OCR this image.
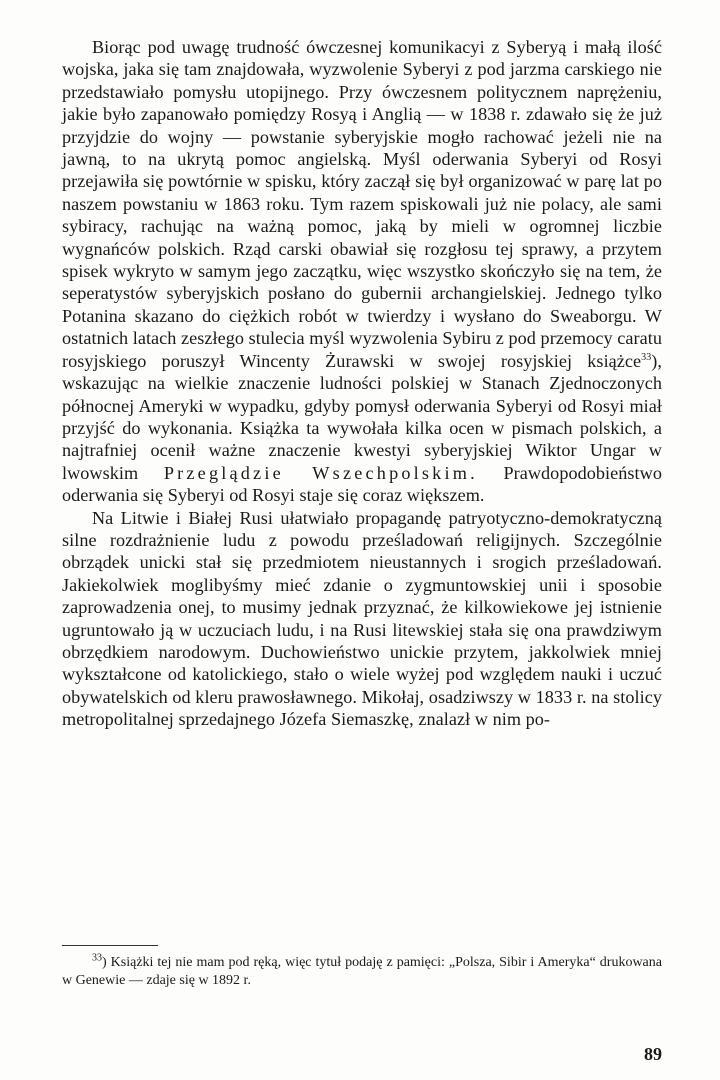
Biorąc pod uwagę trudność ówczesnej komunikacyi z Syberyą i małą ilość wojska, jaka się tam znajdowała, wyzwolenie Syberyi z pod jarzma carskiego nie przedstawiało pomysłu utopijnego. Przy ówczesnem politycznem naprężeniu, jakie było zapanowało pomiędzy Rosyą i Anglią — w 1838 r. zdawało się że już przyjdzie do wojny — powstanie syberyjskie mogło rachować jeżeli nie na jawną, to na ukrytą pomoc angielską. Myśl oderwania Syberyi od Rosyi przejawiła się powtórnie w spisku, który zaczął się był organizować w parę lat po naszem powstaniu w 1863 roku. Tym razem spiskowali już nie polacy, ale sami sybiracy, rachując na ważną pomoc, jaką by mieli w ogromnej liczbie wygnańców polskich. Rząd carski obawiał się rozgłosu tej sprawy, a przytem spisek wykryto w samym jego zaczątku, więc wszystko skończyło się na tem, że seperatystów syberyjskich posłano do gubernii archangielskiej. Jednego tylko Potanina skazano do ciężkich robót w twierdzy i wysłano do Sweaborgu. W ostatnich latach zeszłego stulecia myśl wyzwolenia Sybiru z pod przemocy caratu rosyjskiego poruszył Wincenty Żurawski w swojej rosyjskiej książce$^{33}$), wskazując na wielkie znaczenie ludności polskiej w Stanach Zjednoczonych północnej Ameryki w wypadku, gdyby pomysł oderwania Syberyi od Rosyi miał przyjść do wykonania. Książka ta wywołała kilka ocen w pismach polskich, a najtrafniej ocenił ważne znaczenie kwestyi syberyjskiej Wiktor Ungar w lwowskim Przeglądzie Wszechpolskim. Prawdopodobieństwo oderwania się Syberyi od Rosyi staje się coraz większem.

Na Litwie i Białej Rusi ułatwiało propagandę patryotyczno-demokratyczną silne rozdrażnienie ludu z powodu prześladowań religijnych. Szczególnie obrządek unicki stał się przedmiotem nieustannych i srogich prześladowań. Jakiekolwiek moglibyśmy mieć zdanie o zygmuntowskiej unii i sposobie zaprowadzenia onej, to musimy jednak przyznać, że kilkowiekowe jej istnienie ugruntowało ją w uczuciach ludu, i na Rusi litewskiej stała się ona prawdziwym obrzędkiem narodowym. Duchowieństwo unickie przytem, jakkolwiek mniej wykształcone od katolickiego, stało o wiele wyżej pod względem nauki i uczuć obywatelskich od kleru prawosławnego. Mikołaj, osadziwszy w 1833 r. na stolicy metropolitalnej sprzedajnego Józefa Siemaszkę, znalazł w nim po-

$^{33}$) Książki tej nie mam pod ręką, więc tytuł podaję z pamięci: „Polsza, Sibir i Ameryka“ drukowana w Genewie — zdaje się w 1892 r.

89
